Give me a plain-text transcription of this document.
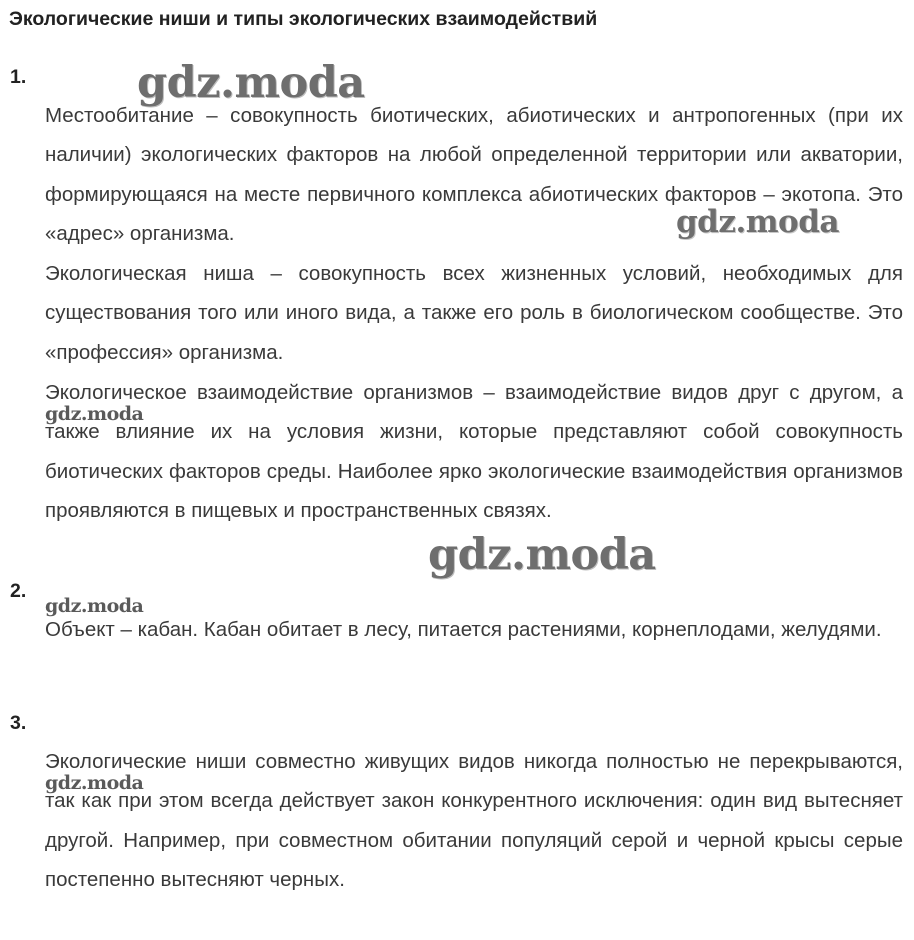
Экологические ниши и типы экологических взаимодействий
1.

Местообитание – совокупность биотических, абиотических и антропогенных (при их наличии) экологических факторов на любой определенной территории или акватории, формирующаяся на месте первичного комплекса абиотических факторов – экотопа. Это «адрес» организма.

Экологическая ниша – совокупность всех жизненных условий, необходимых для существования того или иного вида, а также его роль в биологическом сообществе. Это «профессия» организма.

Экологическое взаимодействие организмов – взаимодействие видов друг с другом, а также влияние их на условия жизни, которые представляют собой совокупность биотических факторов среды. Наиболее ярко экологические взаимодействия организмов проявляются в пищевых и пространственных связях.

2.

Объект – кабан. Кабан обитает в лесу, питается растениями, корнеплодами, желудями.

3.

Экологические ниши совместно живущих видов никогда полностью не перекрываются, так как при этом всегда действует закон конкурентного исключения: один вид вытесняет другой. Например, при совместном обитании популяций серой и черной крысы серые постепенно вытесняют черных.

gdz.moda
gdz.moda
gdz.moda
gdz.moda
gdz.moda
gdz.moda
